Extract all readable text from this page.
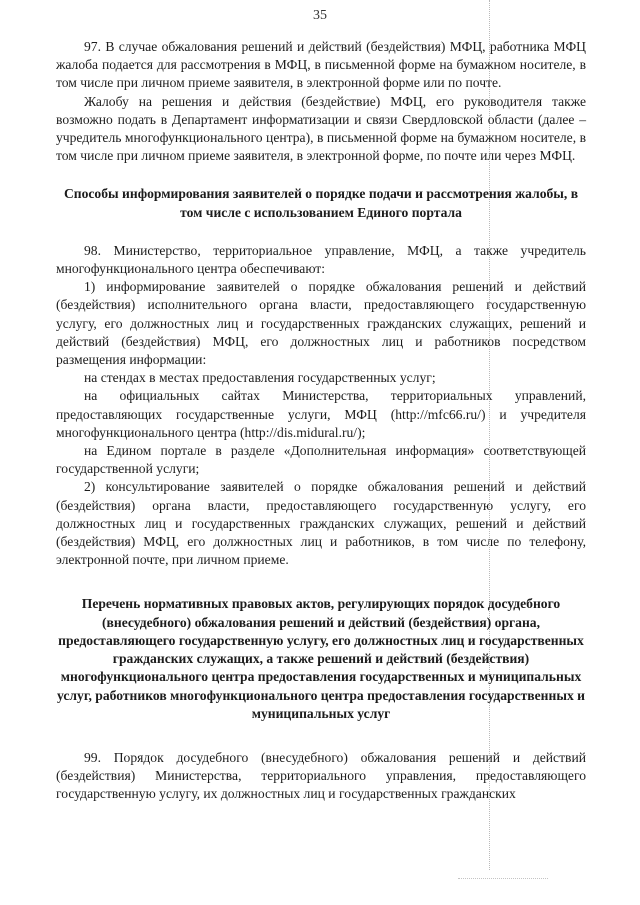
35

97. В случае обжалования решений и действий (бездействия) МФЦ, работника МФЦ жалоба подается для рассмотрения в МФЦ, в письменной форме на бумажном носителе, в том числе при личном приеме заявителя, в электронной форме или по почте.

Жалобу на решения и действия (бездействие) МФЦ, его руководителя также возможно подать в Департамент информатизации и связи Свердловской области (далее – учредитель многофункционального центра), в письменной форме на бумажном носителе, в том числе при личном приеме заявителя, в электронной форме, по почте или через МФЦ.

Способы информирования заявителей о порядке подачи и рассмотрения жалобы, в том числе с использованием Единого портала

98. Министерство, территориальное управление, МФЦ, а также учредитель многофункционального центра обеспечивают:

1) информирование заявителей о порядке обжалования решений и действий (бездействия) исполнительного органа власти, предоставляющего государственную услугу, его должностных лиц и государственных гражданских служащих, решений и действий (бездействия) МФЦ, его должностных лиц и работников посредством размещения информации:

на стендах в местах предоставления государственных услуг;

на официальных сайтах Министерства, территориальных управлений, предоставляющих государственные услуги, МФЦ (http://mfc66.ru/) и учредителя многофункционального центра (http://dis.midural.ru/);

на Едином портале в разделе «Дополнительная информация» соответствующей государственной услуги;

2) консультирование заявителей о порядке обжалования решений и действий (бездействия) органа власти, предоставляющего государственную услугу, его должностных лиц и государственных гражданских служащих, решений и действий (бездействия) МФЦ, его должностных лиц и работников, в том числе по телефону, электронной почте, при личном приеме.

Перечень нормативных правовых актов, регулирующих порядок досудебного (внесудебного) обжалования решений и действий (бездействия) органа, предоставляющего государственную услугу, его должностных лиц и государственных гражданских служащих, а также решений и действий (бездействия) многофункционального центра предоставления государственных и муниципальных услуг, работников многофункционального центра предоставления государственных и муниципальных услуг

99. Порядок досудебного (внесудебного) обжалования решений и действий (бездействия) Министерства, территориального управления, предоставляющего государственную услугу, их должностных лиц и государственных гражданских
